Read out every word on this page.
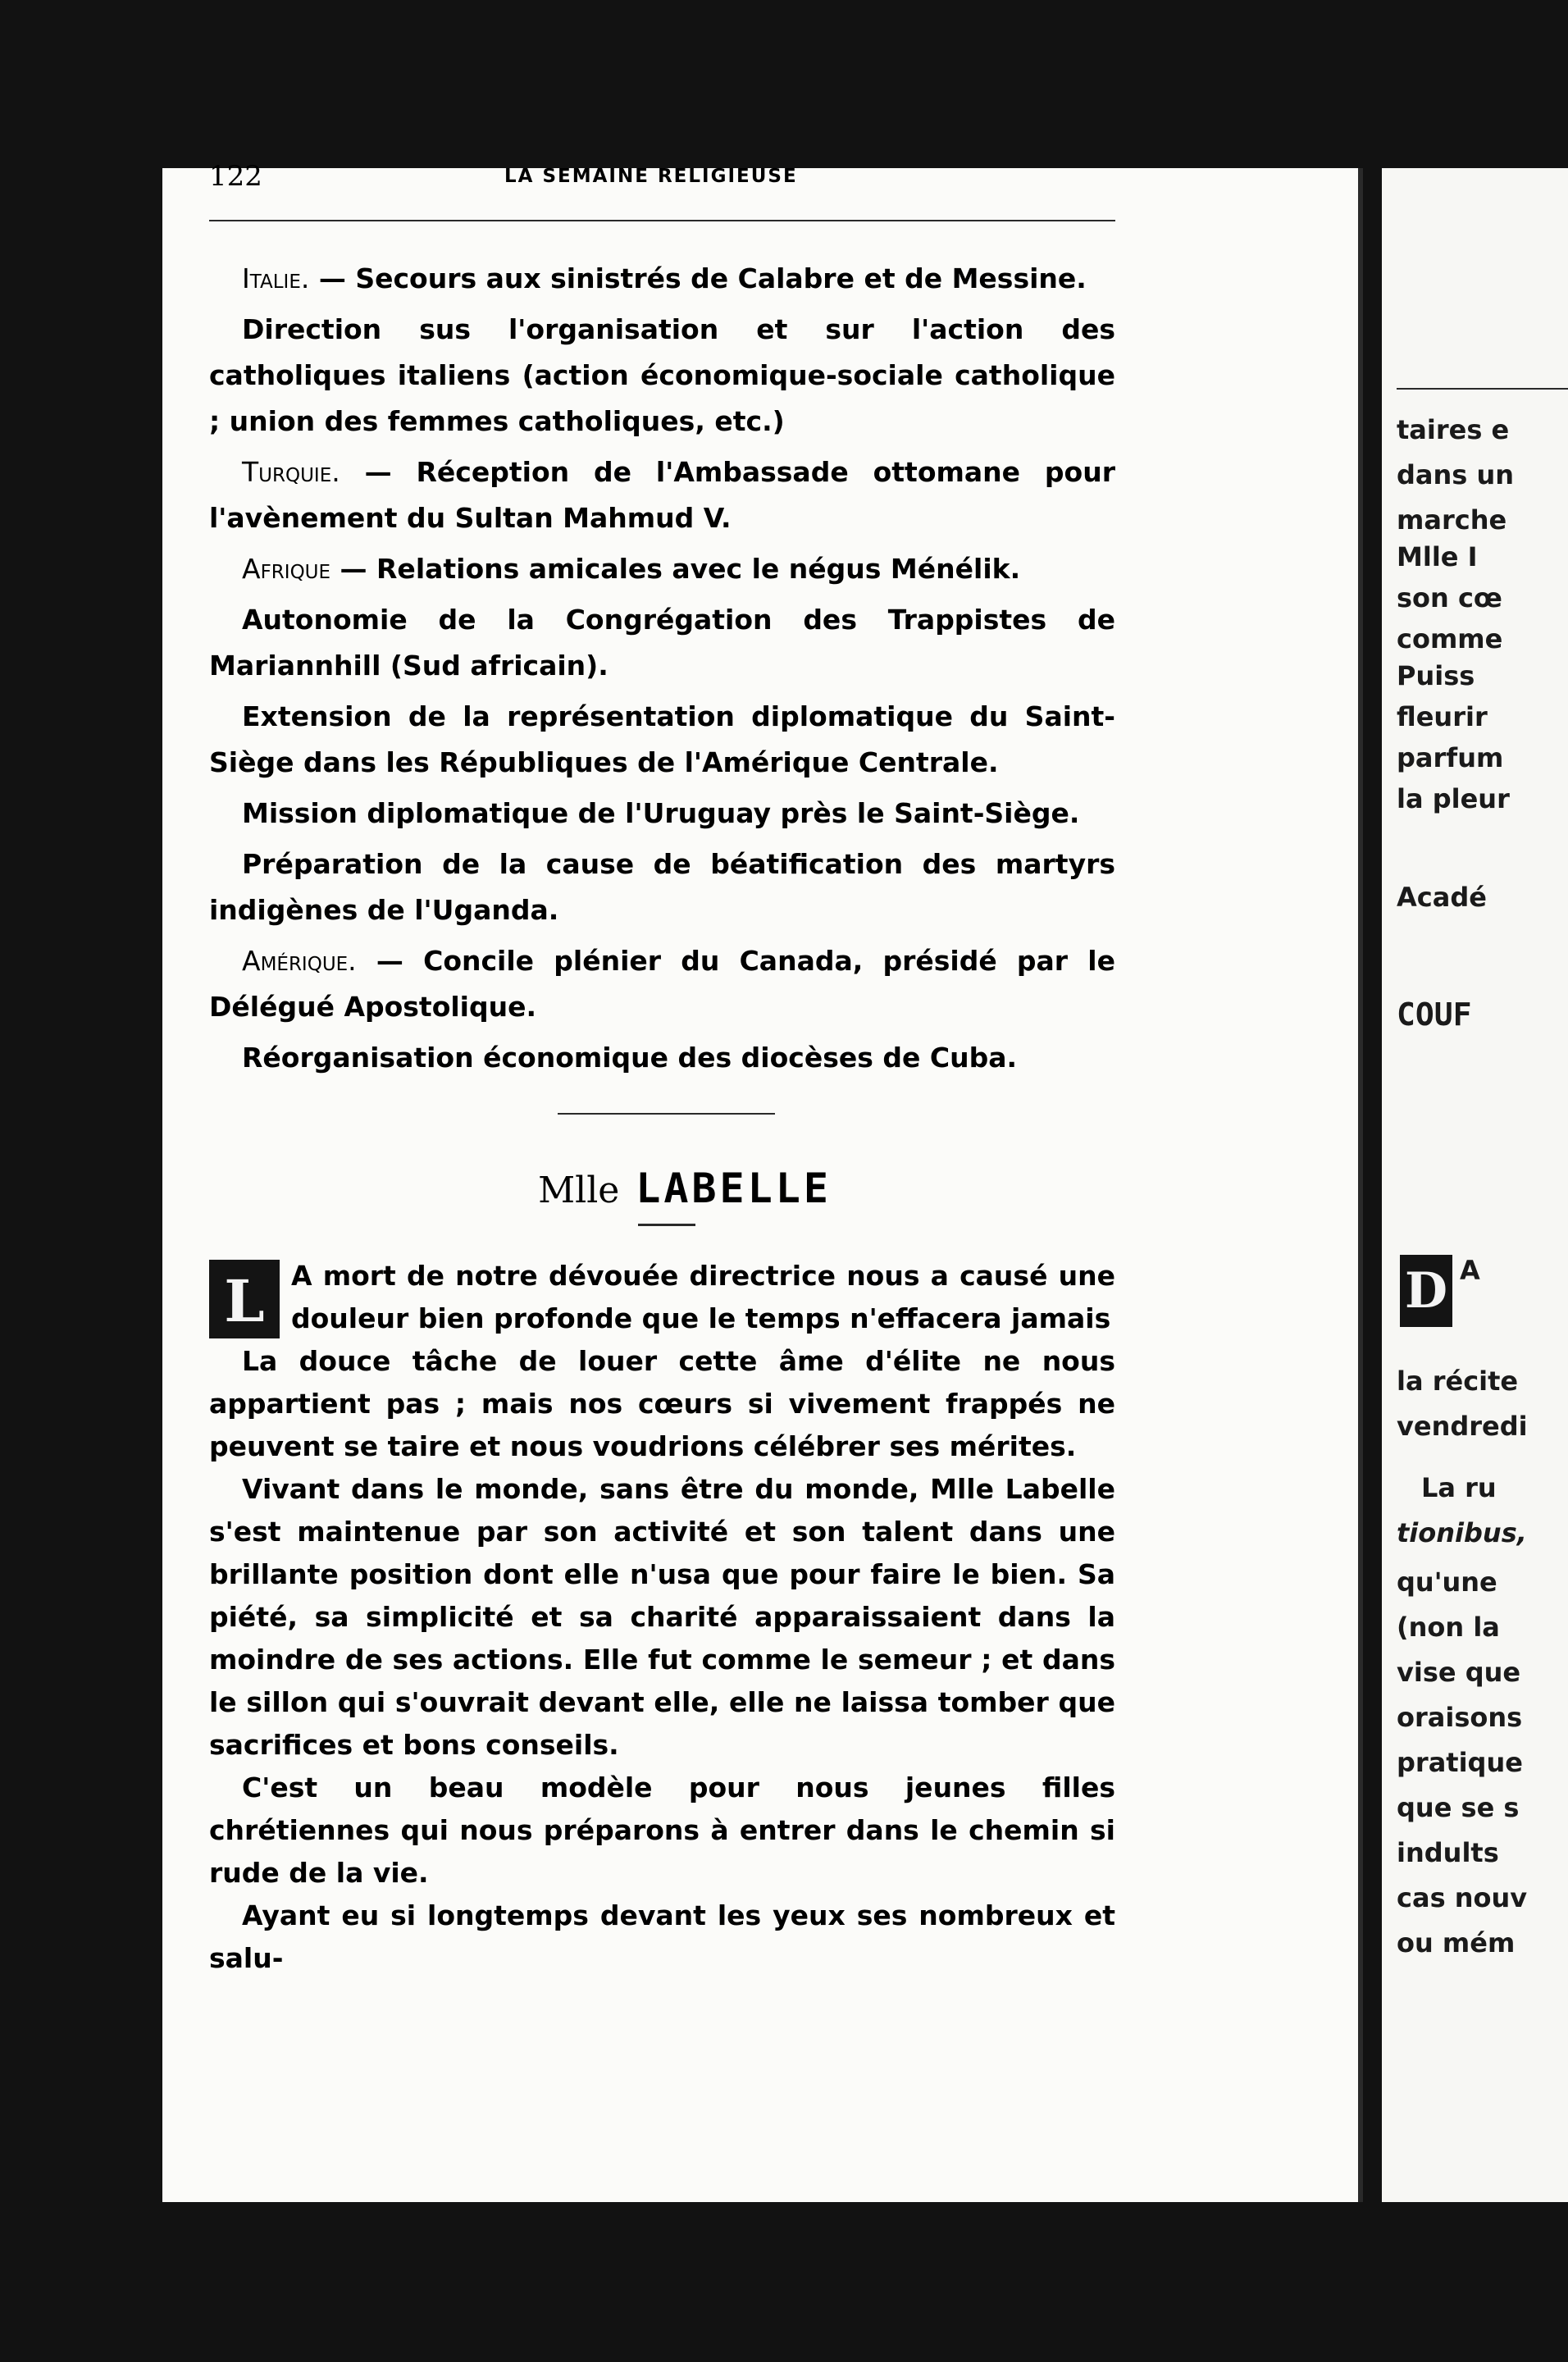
taires e
dans un
marche
Mlle I
son cœ
comme
Puiss
fleurir
parfum
la pleur
Acadé
COUF
D A
la récite
vendredi
La ru
tionibus,
qu'une
(non la
vise que
oraisons
pratique
que se s
indults
cas nouv
ou mém
122	LA SEMAINE RELIGIEUSE

Italie. — Secours aux sinistrés de Calabre et de Messine.

Direction sus l'organisation et sur l'action des catholiques italiens (action économique-sociale catholique ; union des femmes catholiques, etc.)

Turquie. — Réception de l'Ambassade ottomane pour l'avènement du Sultan Mahmud V.

Afrique — Relations amicales avec le négus Ménélik.

Autonomie de la Congrégation des Trappistes de Mariannhill (Sud africain).

Extension de la représentation diplomatique du Saint-Siège dans les Républiques de l'Amérique Centrale.

Mission diplomatique de l'Uruguay près le Saint-Siège.

Préparation de la cause de béatification des martyrs indigènes de l'Uganda.

Amérique. — Concile plénier du Canada, présidé par le Délégué Apostolique.

Réorganisation économique des diocèses de Cuba.

Mlle LABELLE

L A mort de notre dévouée directrice nous a causé une douleur bien profonde que le temps n'effacera jamais

La douce tâche de louer cette âme d'élite ne nous appartient pas ; mais nos cœurs si vivement frappés ne peuvent se taire et nous voudrions célébrer ses mérites.

Vivant dans le monde, sans être du monde, Mlle Labelle s'est maintenue par son activité et son talent dans une brillante position dont elle n'usa que pour faire le bien. Sa piété, sa simplicité et sa charité apparaissaient dans la moindre de ses actions. Elle fut comme le semeur ; et dans le sillon qui s'ouvrait devant elle, elle ne laissa tomber que sacrifices et bons conseils.

C'est un beau modèle pour nous jeunes filles chrétiennes qui nous préparons à entrer dans le chemin si rude de la vie.

Ayant eu si longtemps devant les yeux ses nombreux et salu-
